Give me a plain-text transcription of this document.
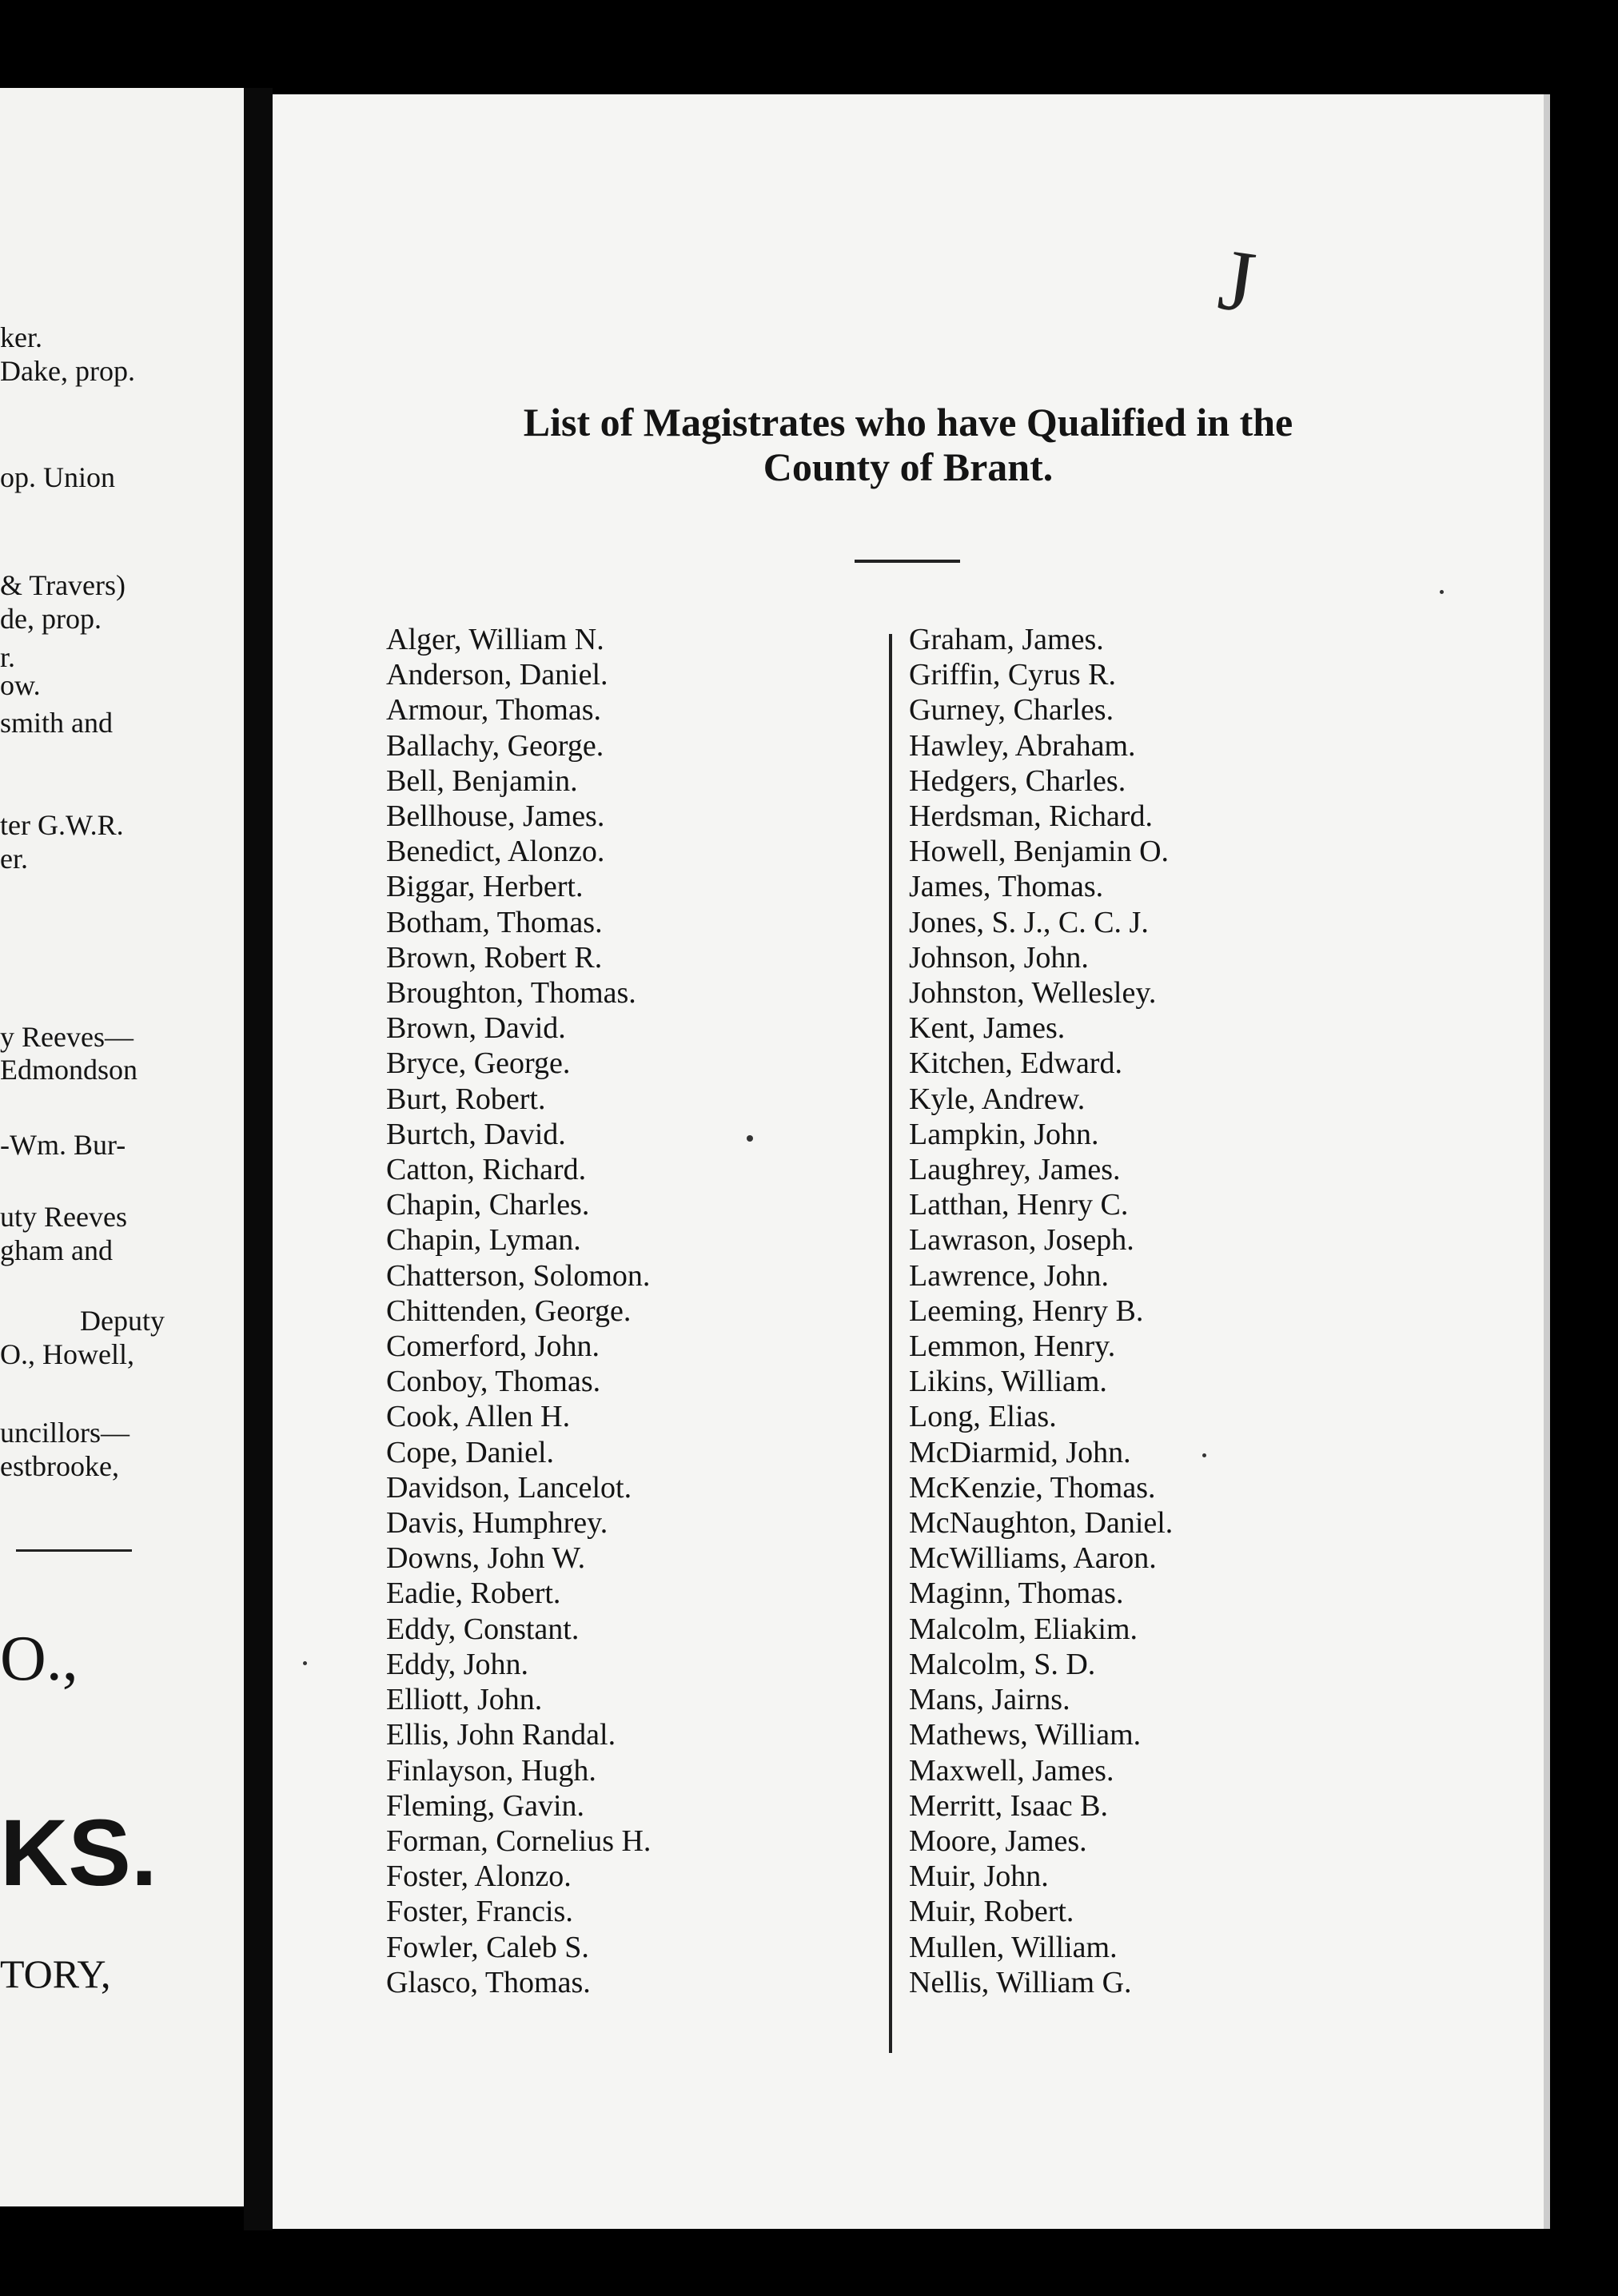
ker.
Dake, prop.
op. Union
& Travers)
de, prop.
r.
ow.
smith and
ter G.W.R.
er.
y Reeves—
Edmondson
-Wm. Bur-
uty Reeves
gham and
Deputy
O., Howell,
uncillors—
estbrooke,
O.,
KS.
TORY,
J
List of Magistrates who have Qualified in the
County of Brant.
Alger, William N.
Anderson, Daniel.
Armour, Thomas.
Ballachy, George.
Bell, Benjamin.
Bellhouse, James.
Benedict, Alonzo.
Biggar, Herbert.
Botham, Thomas.
Brown, Robert R.
Broughton, Thomas.
Brown, David.
Bryce, George.
Burt, Robert.
Burtch, David.
Catton, Richard.
Chapin, Charles.
Chapin, Lyman.
Chatterson, Solomon.
Chittenden, George.
Comerford, John.
Conboy, Thomas.
Cook, Allen H.
Cope, Daniel.
Davidson, Lancelot.
Davis, Humphrey.
Downs, John W.
Eadie, Robert.
Eddy, Constant.
Eddy, John.
Elliott, John.
Ellis, John Randal.
Finlayson, Hugh.
Fleming, Gavin.
Forman, Cornelius H.
Foster, Alonzo.
Foster, Francis.
Fowler, Caleb S.
Glasco, Thomas.
Graham, James.
Griffin, Cyrus R.
Gurney, Charles.
Hawley, Abraham.
Hedgers, Charles.
Herdsman, Richard.
Howell, Benjamin O.
James, Thomas.
Jones, S. J., C. C. J.
Johnson, John.
Johnston, Wellesley.
Kent, James.
Kitchen, Edward.
Kyle, Andrew.
Lampkin, John.
Laughrey, James.
Latthan, Henry C.
Lawrason, Joseph.
Lawrence, John.
Leeming, Henry B.
Lemmon, Henry.
Likins, William.
Long, Elias.
McDiarmid, John.
McKenzie, Thomas.
McNaughton, Daniel.
McWilliams, Aaron.
Maginn, Thomas.
Malcolm, Eliakim.
Malcolm, S. D.
Mans, Jairns.
Mathews, William.
Maxwell, James.
Merritt, Isaac B.
Moore, James.
Muir, John.
Muir, Robert.
Mullen, William.
Nellis, William G.
